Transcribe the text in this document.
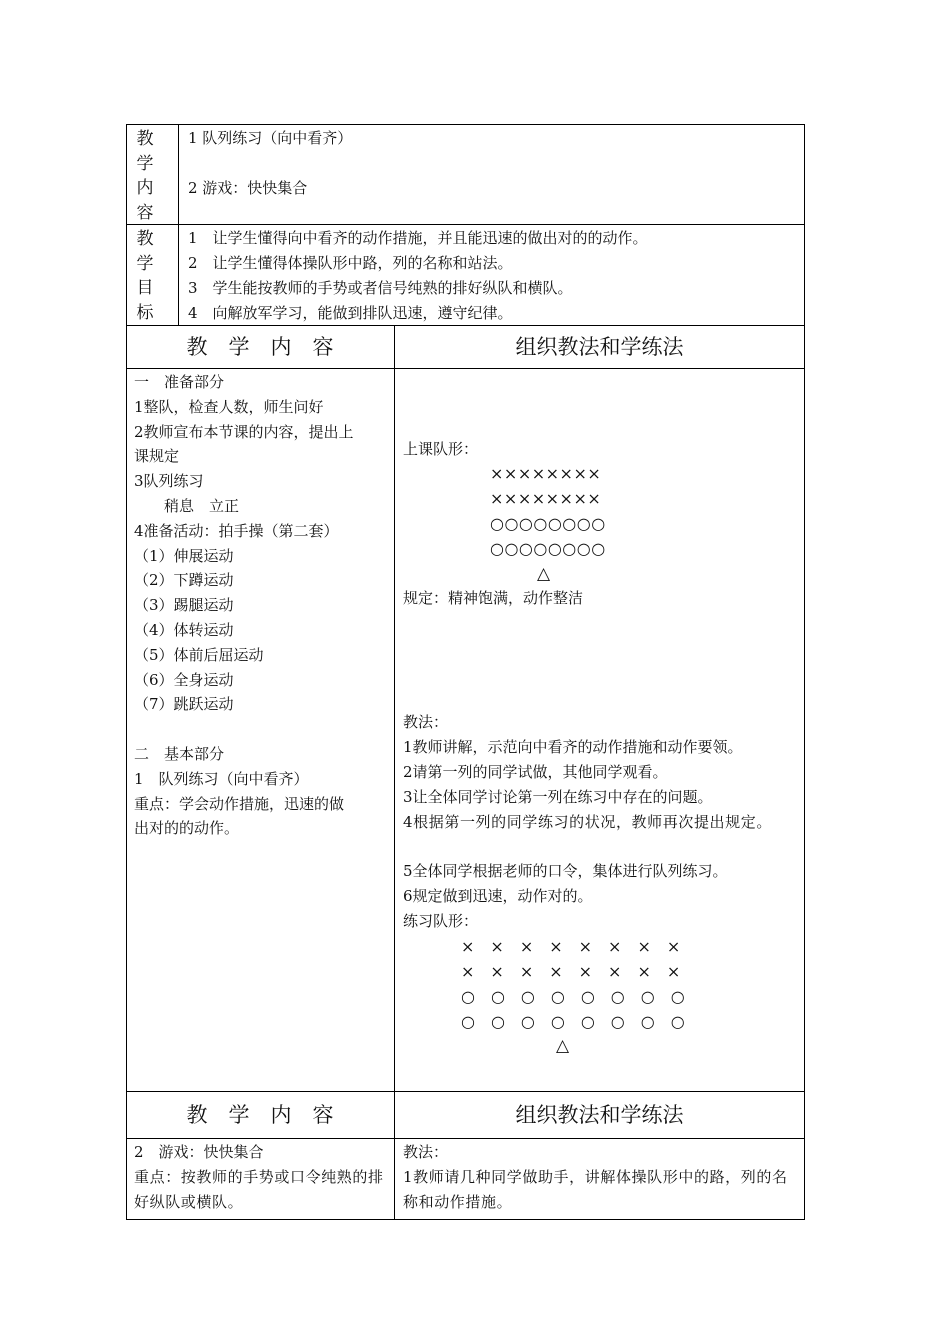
教学内容
1 队列练习（向中看齐）
2 游戏：快快集合
教学目标
1　让学生懂得向中看齐的动作措施，并且能迅速的做出对的的动作。
2　让学生懂得体操队形中路，列的名称和站法。
3　学生能按教师的手势或者信号纯熟的排好纵队和横队。
4　向解放军学习，能做到排队迅速，遵守纪律。
教　学　内　容	组织教法和学练法
一　准备部分
1整队，检查人数，师生问好
2教师宣布本节课的内容，提出上
课规定
3队列练习
　　稍息　立正
4准备活动：拍手操（第二套）
（1）伸展运动
（2）下蹲运动
（3）踢腿运动
（4）体转运动
（5）体前后屈运动
（6）全身运动
（7）跳跃运动
二　基本部分
1　队列练习（向中看齐）
重点：学会动作措施，迅速的做
出对的的动作。
上课队形：
××××××××
××××××××
○○○○○○○○
○○○○○○○○
△
规定：精神饱满，动作整洁
教法：
1教师讲解，示范向中看齐的动作措施和动作要领。
2请第一列的同学试做，其他同学观看。
3让全体同学讨论第一列在练习中存在的问题。
4根据第一列的同学练习的状况，教师再次提出规定。
5全体同学根据老师的口令，集体进行队列练习。
6规定做到迅速，动作对的。
练习队形：
×　×　×　×　×　×　×　×
×　×　×　×　×　×　×　×
○　○　○　○　○　○　○　○
○　○　○　○　○　○　○　○
△
教　学　内　容	组织教法和学练法
2　游戏：快快集合
重点：按教师的手势或口令纯熟的排好纵队或横队。
教法：
1教师请几种同学做助手，讲解体操队形中的路，列的名称和动作措施。
